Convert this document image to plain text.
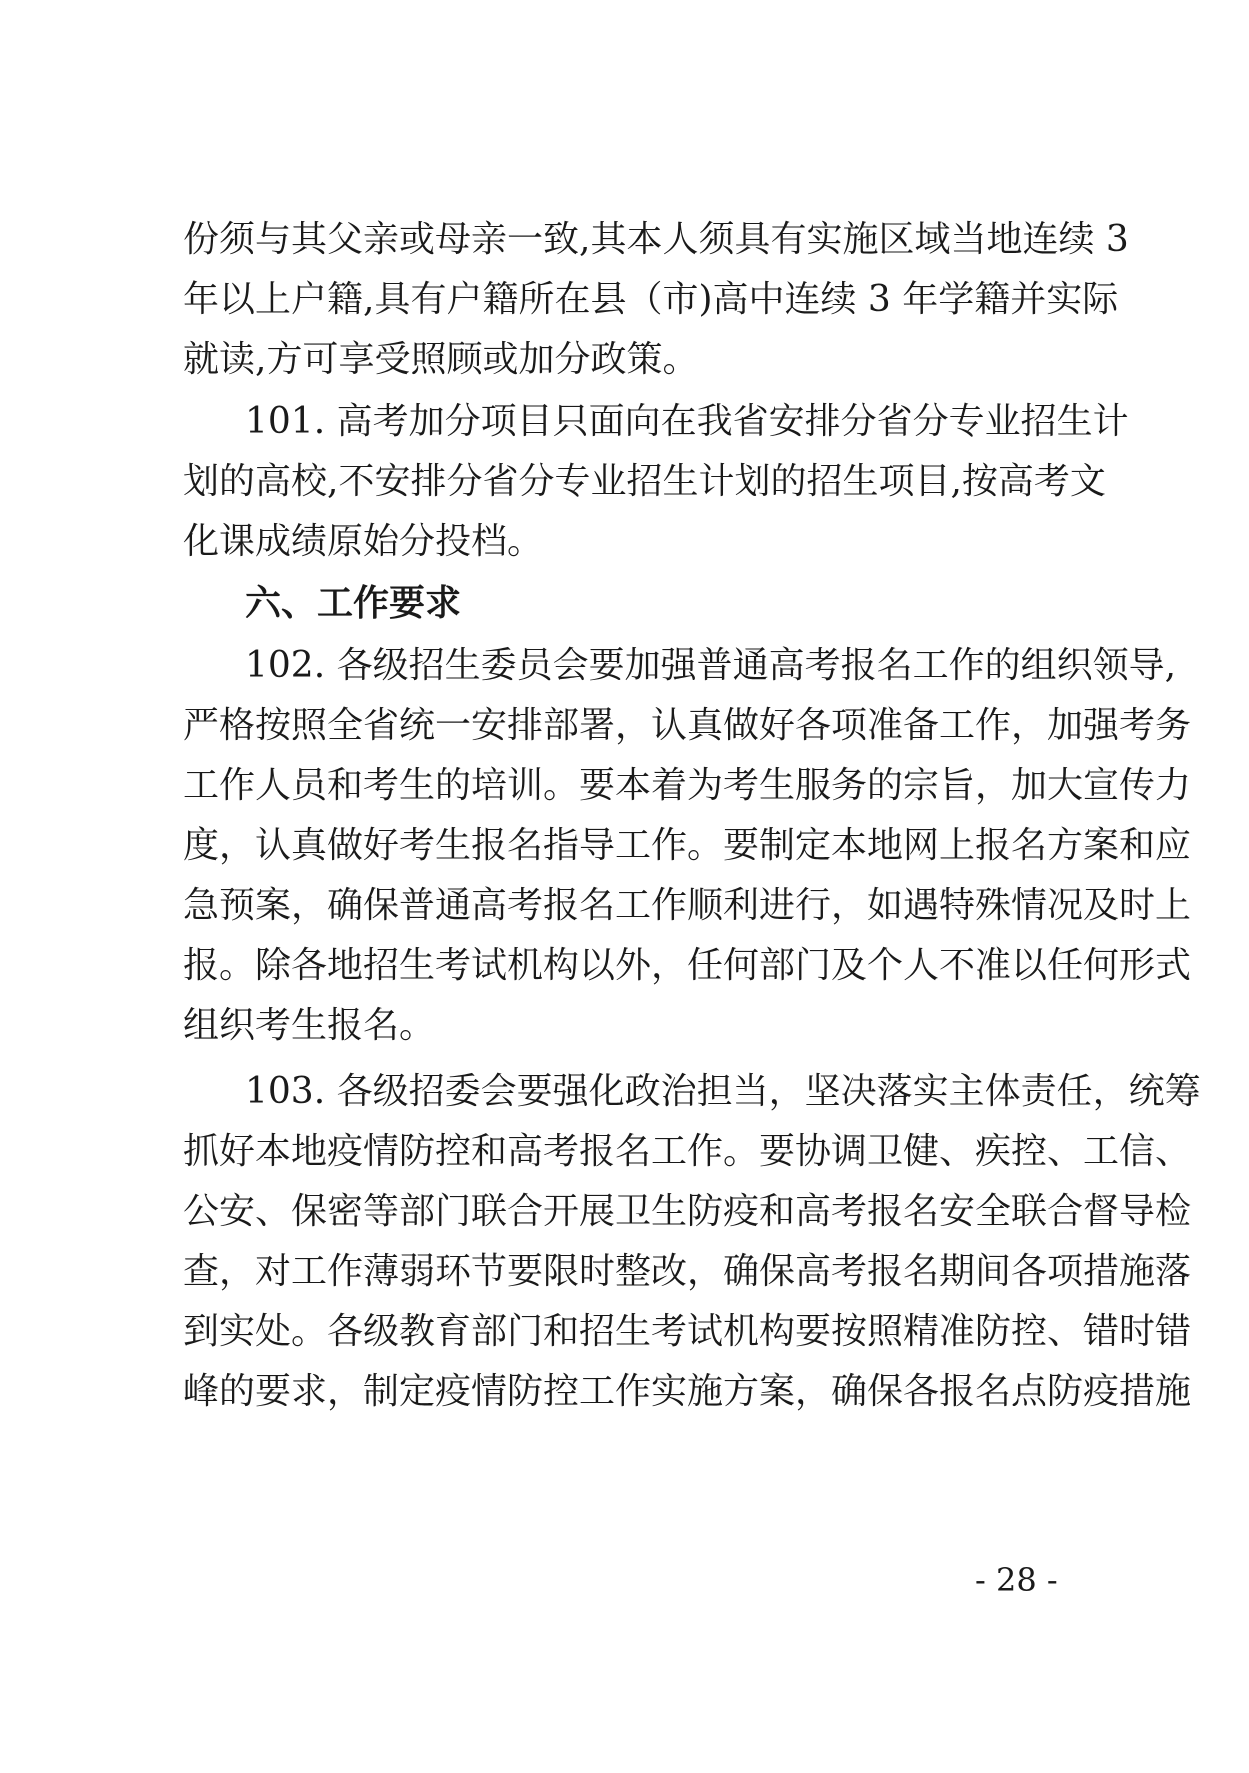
份须与其父亲或母亲一致,其本人须具有实施区域当地连续 3
年以上户籍,具有户籍所在县（市)高中连续 3 年学籍并实际
就读,方可享受照顾或加分政策。
101. 高考加分项目只面向在我省安排分省分专业招生计
划的高校,不安排分省分专业招生计划的招生项目,按高考文
化课成绩原始分投档。
六、工作要求
102. 各级招生委员会要加强普通高考报名工作的组织领导,
严格按照全省统一安排部署，认真做好各项准备工作，加强考务
工作人员和考生的培训。要本着为考生服务的宗旨，加大宣传力
度，认真做好考生报名指导工作。要制定本地网上报名方案和应
急预案，确保普通高考报名工作顺利进行，如遇特殊情况及时上
报。除各地招生考试机构以外，任何部门及个人不准以任何形式
组织考生报名。
103. 各级招委会要强化政治担当，坚决落实主体责任，统筹
抓好本地疫情防控和高考报名工作。要协调卫健、疾控、工信、
公安、保密等部门联合开展卫生防疫和高考报名安全联合督导检
查，对工作薄弱环节要限时整改，确保高考报名期间各项措施落
到实处。各级教育部门和招生考试机构要按照精准防控、错时错
峰的要求，制定疫情防控工作实施方案，确保各报名点防疫措施
- 28 -
